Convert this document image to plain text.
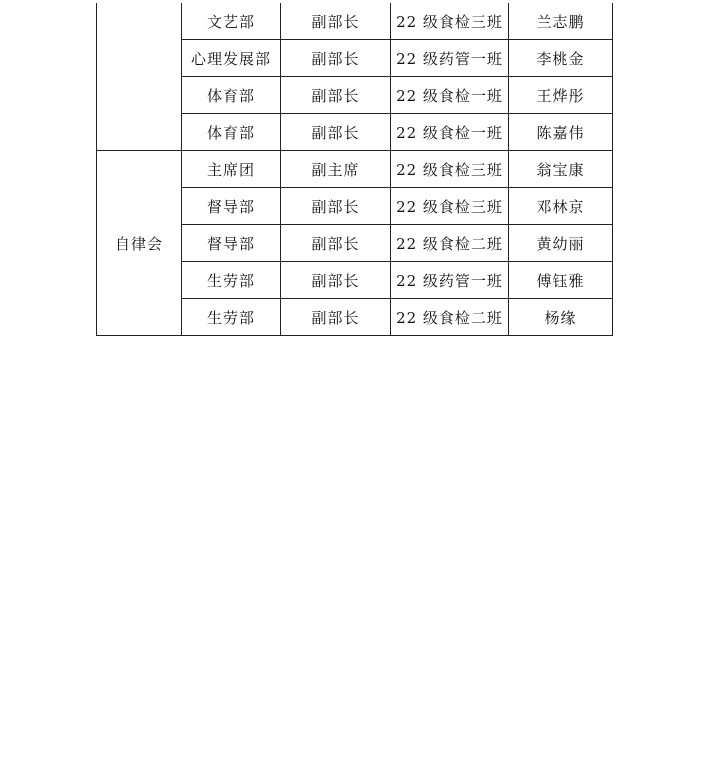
	文艺部	副部长	22 级食检三班	兰志鹏
	心理发展部	副部长	22 级药管一班	李桃金
	体育部	副部长	22 级食检一班	王烨彤
	体育部	副部长	22 级食检一班	陈嘉伟
自律会	主席团	副主席	22 级食检三班	翁宝康
	督导部	副部长	22 级食检三班	邓林京
	督导部	副部长	22 级食检二班	黄幼丽
	生劳部	副部长	22 级药管一班	傅钰雅
	生劳部	副部长	22 级食检二班	杨缘
